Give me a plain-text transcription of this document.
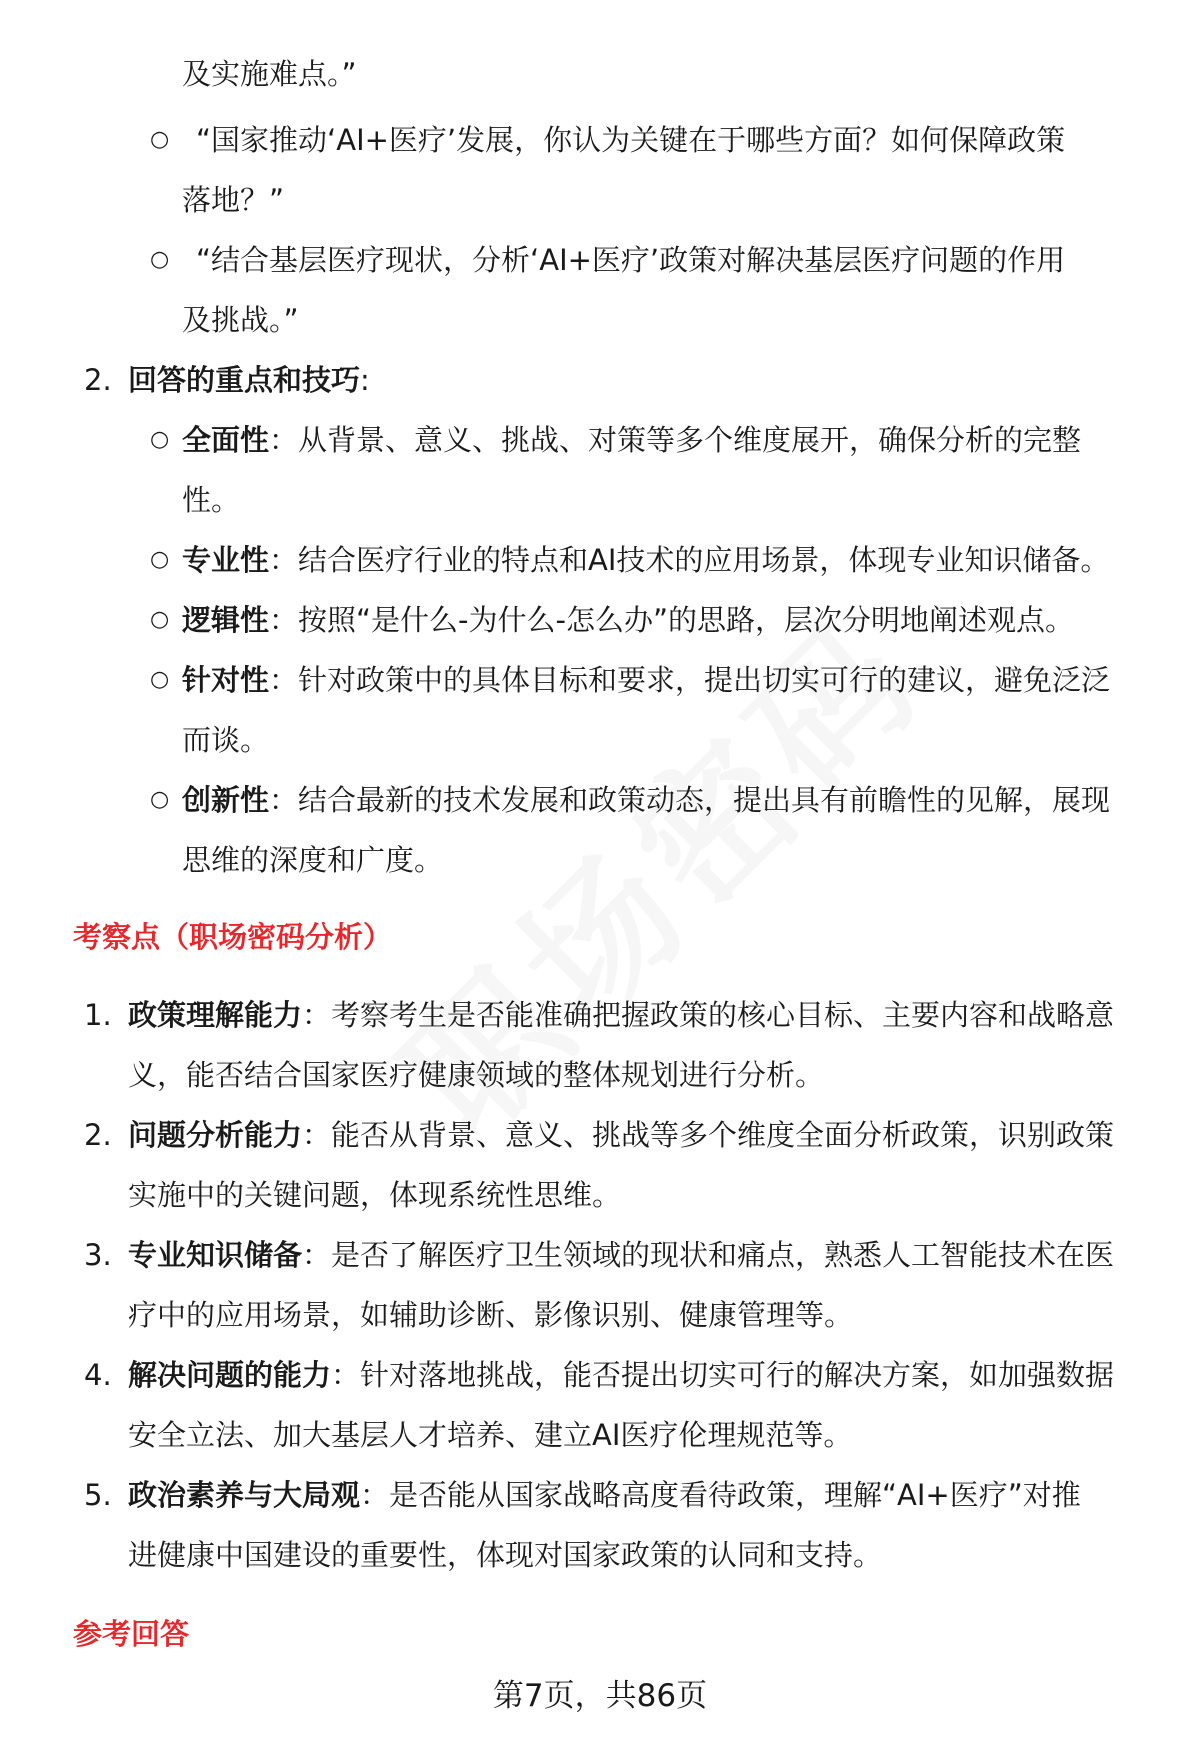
及实施难点。”
○ “国家推动‘AI+医疗’发展，你认为关键在于哪些方面？如何保障政策
落地？”
○ “结合基层医疗现状，分析‘AI+医疗’政策对解决基层医疗问题的作用
及挑战。”
2. 回答的重点和技巧:
○ 全面性：从背景、意义、挑战、对策等多个维度展开，确保分析的完整
性。
○ 专业性：结合医疗行业的特点和AI技术的应用场景，体现专业知识储备。
○ 逻辑性：按照“是什么-为什么-怎么办”的思路，层次分明地阐述观点。
○ 针对性：针对政策中的具体目标和要求，提出切实可行的建议，避免泛泛
而谈。
○ 创新性：结合最新的技术发展和政策动态，提出具有前瞻性的见解，展现
思维的深度和广度。
考察点（职场密码分析）
1. 政策理解能力：考察考生是否能准确把握政策的核心目标、主要内容和战略意
义，能否结合国家医疗健康领域的整体规划进行分析。
2. 问题分析能力：能否从背景、意义、挑战等多个维度全面分析政策，识别政策
实施中的关键问题，体现系统性思维。
3. 专业知识储备：是否了解医疗卫生领域的现状和痛点，熟悉人工智能技术在医
疗中的应用场景，如辅助诊断、影像识别、健康管理等。
4. 解决问题的能力：针对落地挑战，能否提出切实可行的解决方案，如加强数据
安全立法、加大基层人才培养、建立AI医疗伦理规范等。
5. 政治素养与大局观：是否能从国家战略高度看待政策，理解“AI+医疗”对推
进健康中国建设的重要性，体现对国家政策的认同和支持。
参考回答
第7页，共86页
